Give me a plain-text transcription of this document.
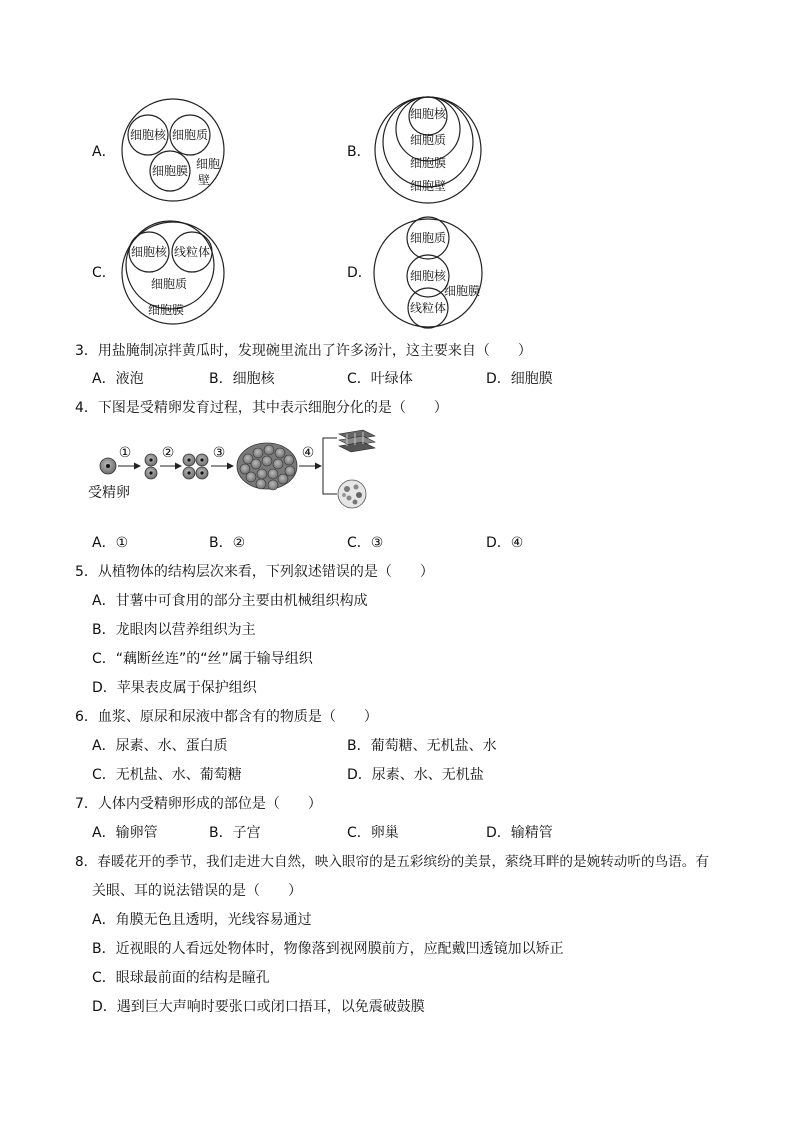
A．
细胞核 细胞质
细胞膜 细胞
壁
B．
细胞核
细胞质
细胞膜
细胞壁
C．
细胞核 线粒体
细胞质
细胞膜
D．
细胞质
细胞核
细胞膜
线粒体
3．用盐腌制凉拌黄瓜时，发现碗里流出了许多汤汁，这主要来自（　　）
A．液泡	B．细胞核	C．叶绿体	D．细胞膜
4．下图是受精卵发育过程，其中表示细胞分化的是（　　）
① ②	③	④
受精卵
A．①	B．②	C．③	D．④
5．从植物体的结构层次来看，下列叙述错误的是（　　）
A．甘薯中可食用的部分主要由机械组织构成
B．龙眼肉以营养组织为主
C．“藕断丝连”的“丝”属于输导组织
D．苹果表皮属于保护组织
6．血浆、原尿和尿液中都含有的物质是（　　）
A．尿素、水、蛋白质	B．葡萄糖、无机盐、水
C．无机盐、水、葡萄糖	D．尿素、水、无机盐
7．人体内受精卵形成的部位是（　　）
A．输卵管	B．子宫	C．卵巢	D．输精管
8．春暖花开的季节，我们走进大自然，映入眼帘的是五彩缤纷的美景，萦绕耳畔的是婉转动听的鸟语。有
关眼、耳的说法错误的是（　　）
A．角膜无色且透明，光线容易通过
B．近视眼的人看远处物体时，物像落到视网膜前方，应配戴凹透镜加以矫正
C．眼球最前面的结构是瞳孔
D．遇到巨大声响时要张口或闭口捂耳，以免震破鼓膜
